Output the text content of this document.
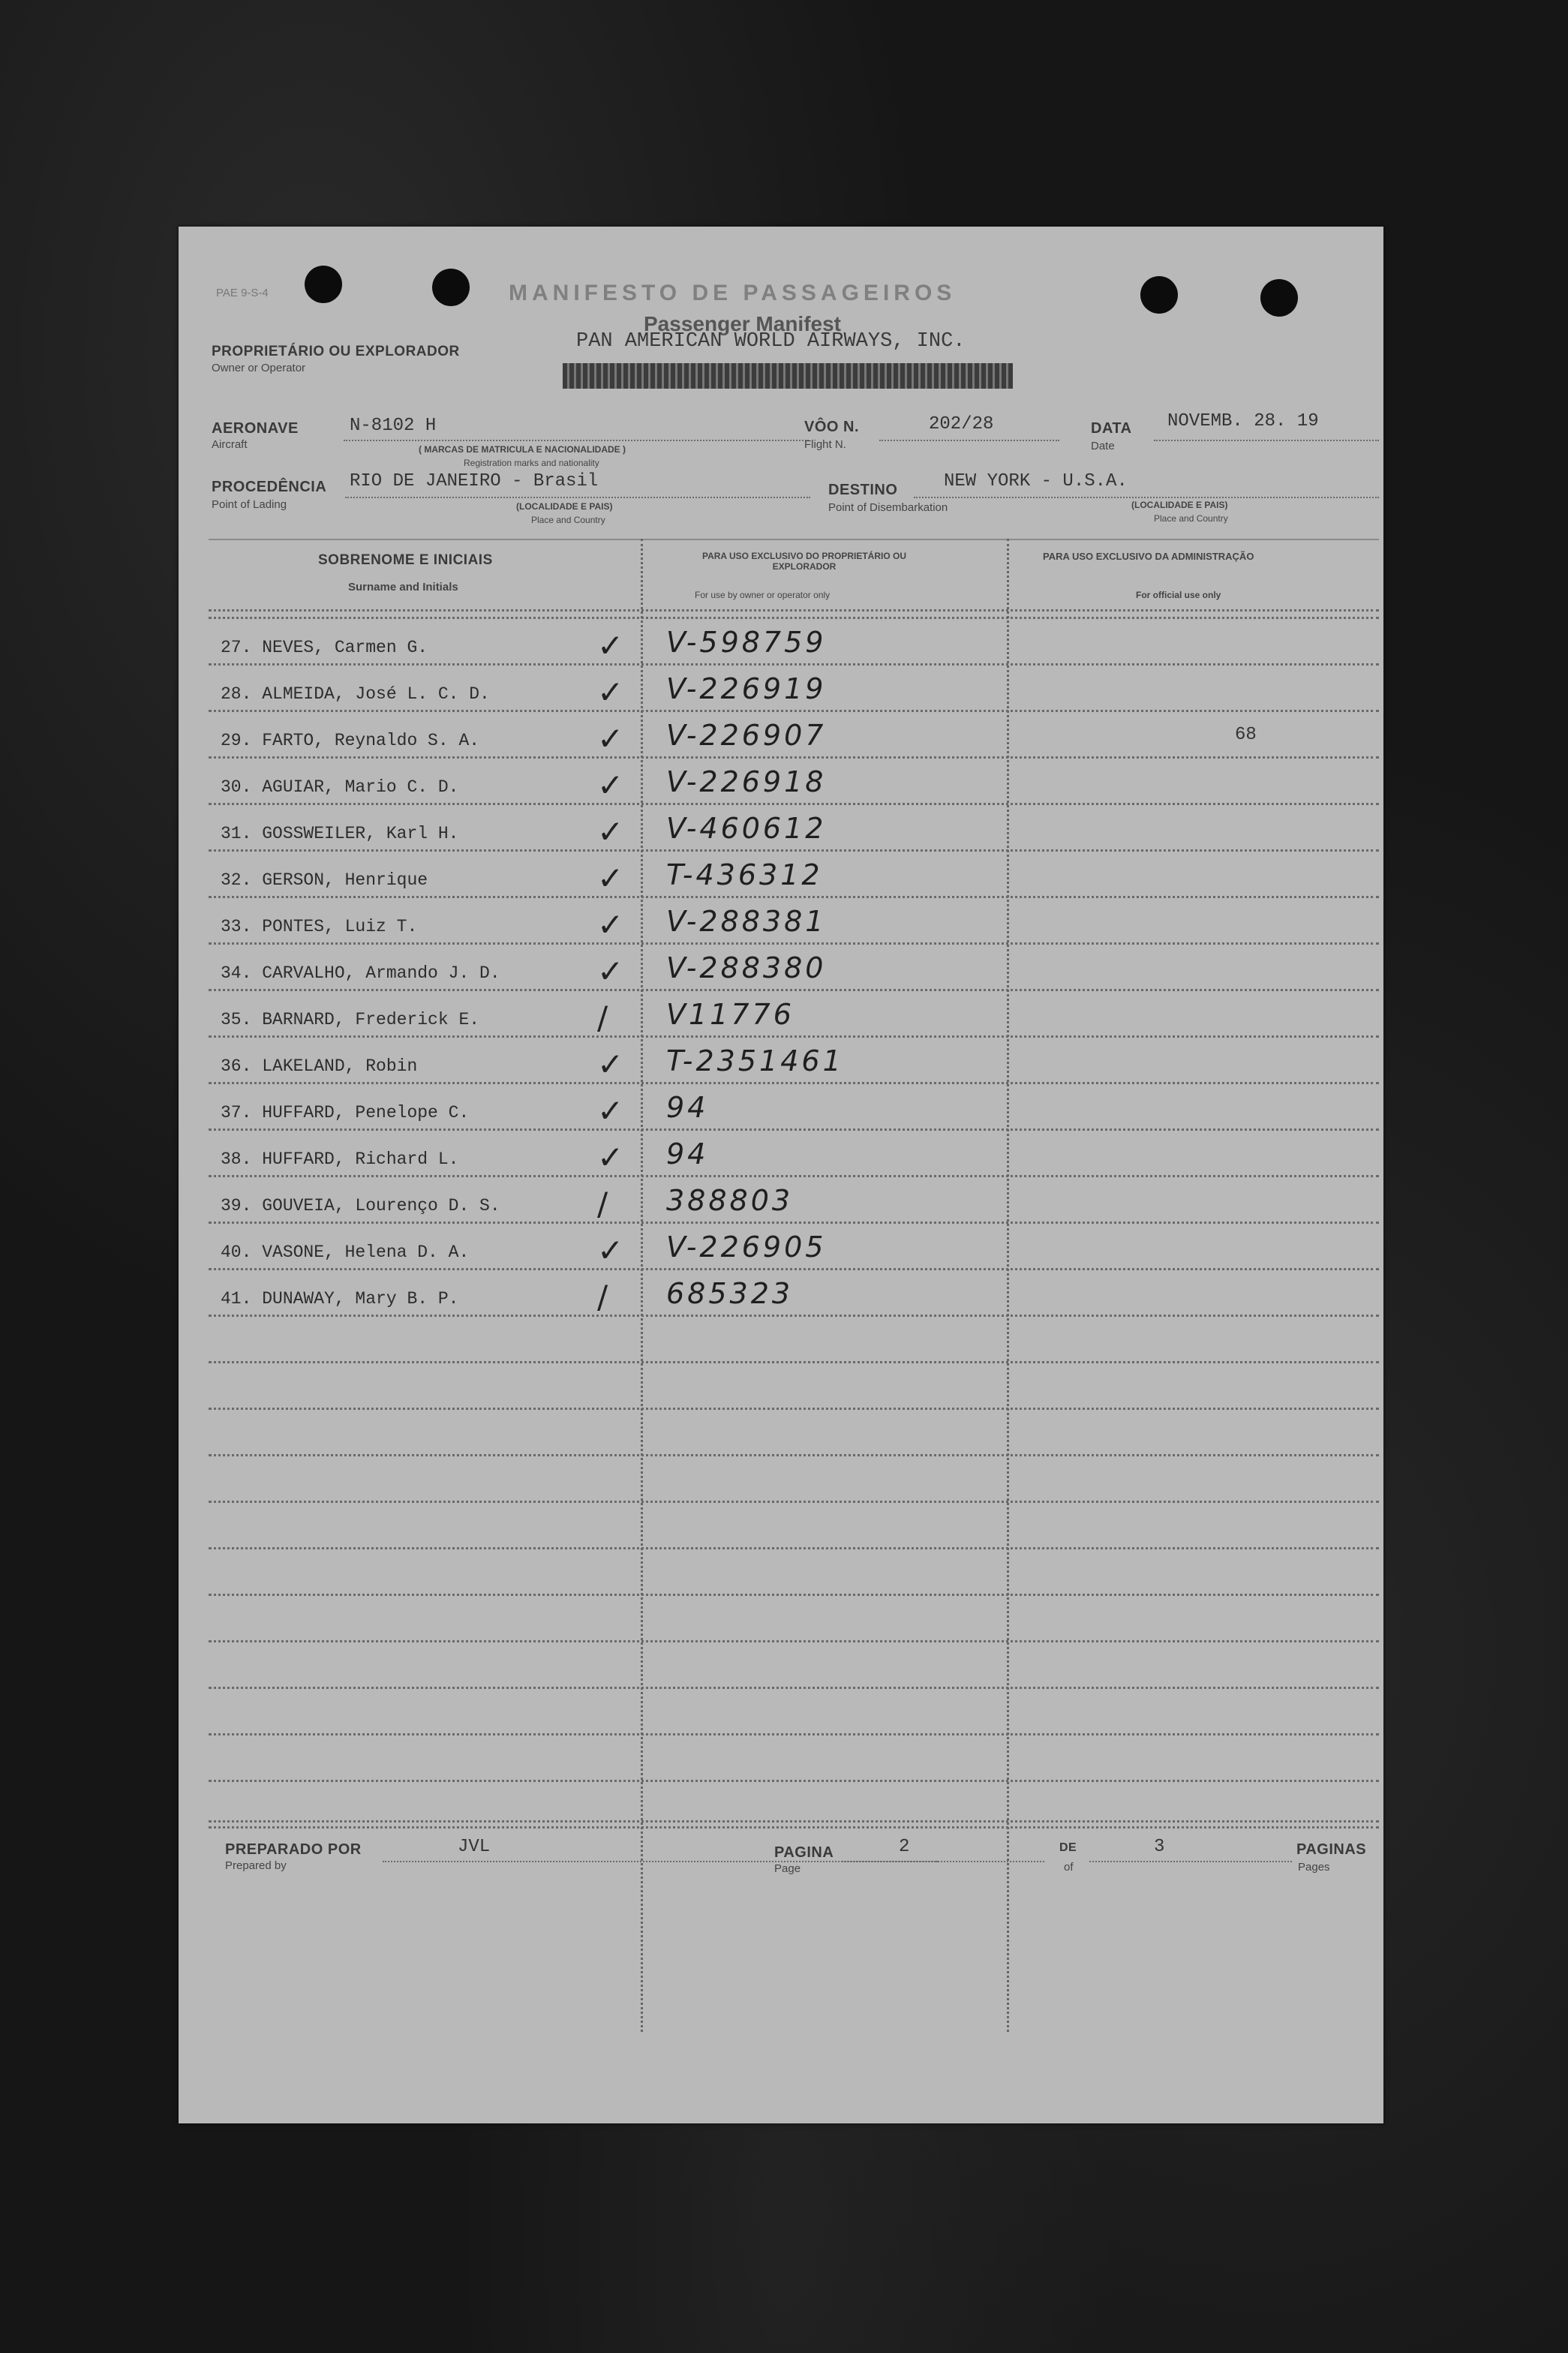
PAE 9-S-4	MANIFESTO DE PASSAGEIROS
Passenger Manifest
PAN AMERICAN WORLD AIRWAYS, INC.
PROPRIETÁRIO OU EXPLORADOR
Owner or Operator
AERONAVE
Aircraft
N-8102 H
( MARCAS DE MATRICULA E NACIONALIDADE )
Registration marks and nationality
VÔO N.
Flight N.
202/28	DATA
Date
NOVEMB. 28. 19
PROCEDÊNCIA
Point of Lading
RIO DE JANEIRO - Brasil
(LOCALIDADE E PAIS)
Place and Country
DESTINO
Point of Disembarkation
NEW YORK - U.S.A.
(LOCALIDADE E PAIS)
Place and Country
SOBRENOME E INICIAIS
Surname and Initials
PARA USO EXCLUSIVO DO PROPRIETÁRIO OU EXPLORADOR
For use by owner or operator only
PARA USO EXCLUSIVO DA ADMINISTRAÇÃO
For official use only
27. NEVES, Carmen G.	✓ V-598759
28. ALMEIDA, José L. C. D.	✓ V-226919
29. FARTO, Reynaldo S. A.	✓ V-226907	68
30. AGUIAR, Mario C. D.	✓ V-226918
31. GOSSWEILER, Karl H.	✓ V-460612
32. GERSON, Henrique	✓ T-436312
33. PONTES, Luiz T.	✓ V-288381
34. CARVALHO, Armando J. D.	✓ V-288380
35. BARNARD, Frederick E.	/ V11776
36. LAKELAND, Robin	✓ T-2351461
37. HUFFARD, Penelope C.	✓ 94
38. HUFFARD, Richard L.	✓ 94
39. GOUVEIA, Lourenço D. S.	/ 388803
40. VASONE, Helena D. A.	✓ V-226905
41. DUNAWAY, Mary B. P.	/ 685323
PREPARADO POR
Prepared by
JVL	PAGINA
Page
2	DE
of
3	PAGINAS
Pages
